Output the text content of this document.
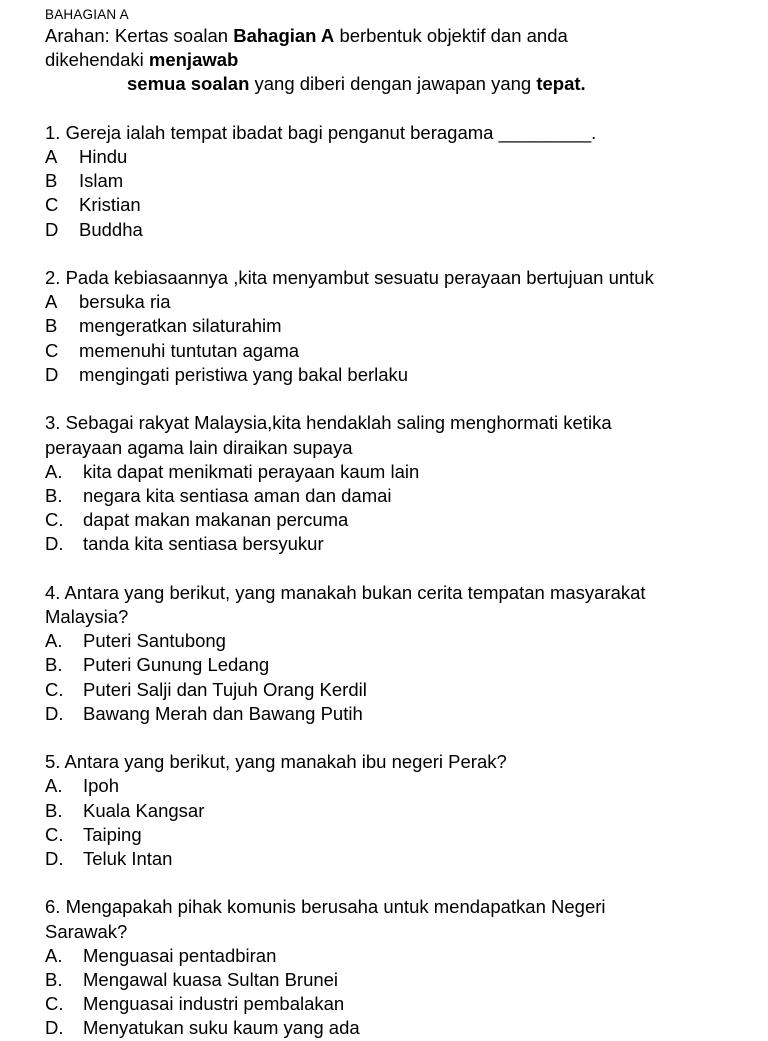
BAHAGIAN A
Arahan: Kertas soalan Bahagian A berbentuk objektif dan anda
dikehendaki menjawab
semua soalan yang diberi dengan jawapan yang tepat.
1. Gereja ialah tempat ibadat bagi penganut beragama _________.
A Hindu
B Islam
C Kristian
D Buddha
2. Pada kebiasaannya ,kita menyambut sesuatu perayaan bertujuan untuk
A bersuka ria
B mengeratkan silaturahim
C memenuhi tuntutan agama
D mengingati peristiwa yang bakal berlaku
3. Sebagai rakyat Malaysia,kita hendaklah saling menghormati ketika
perayaan agama lain diraikan supaya
A. kita dapat menikmati perayaan kaum lain
B. negara kita sentiasa aman dan damai
C. dapat makan makanan percuma
D. tanda kita sentiasa bersyukur
4. Antara yang berikut, yang manakah bukan cerita tempatan masyarakat
Malaysia?
A. Puteri Santubong
B. Puteri Gunung Ledang
C. Puteri Salji dan Tujuh Orang Kerdil
D. Bawang Merah dan Bawang Putih
5. Antara yang berikut, yang manakah ibu negeri Perak?
A. Ipoh
B. Kuala Kangsar
C. Taiping
D. Teluk Intan
6. Mengapakah pihak komunis berusaha untuk mendapatkan Negeri
Sarawak?
A. Menguasai pentadbiran
B. Mengawal kuasa Sultan Brunei
C. Menguasai industri pembalakan
D. Menyatukan suku kaum yang ada
